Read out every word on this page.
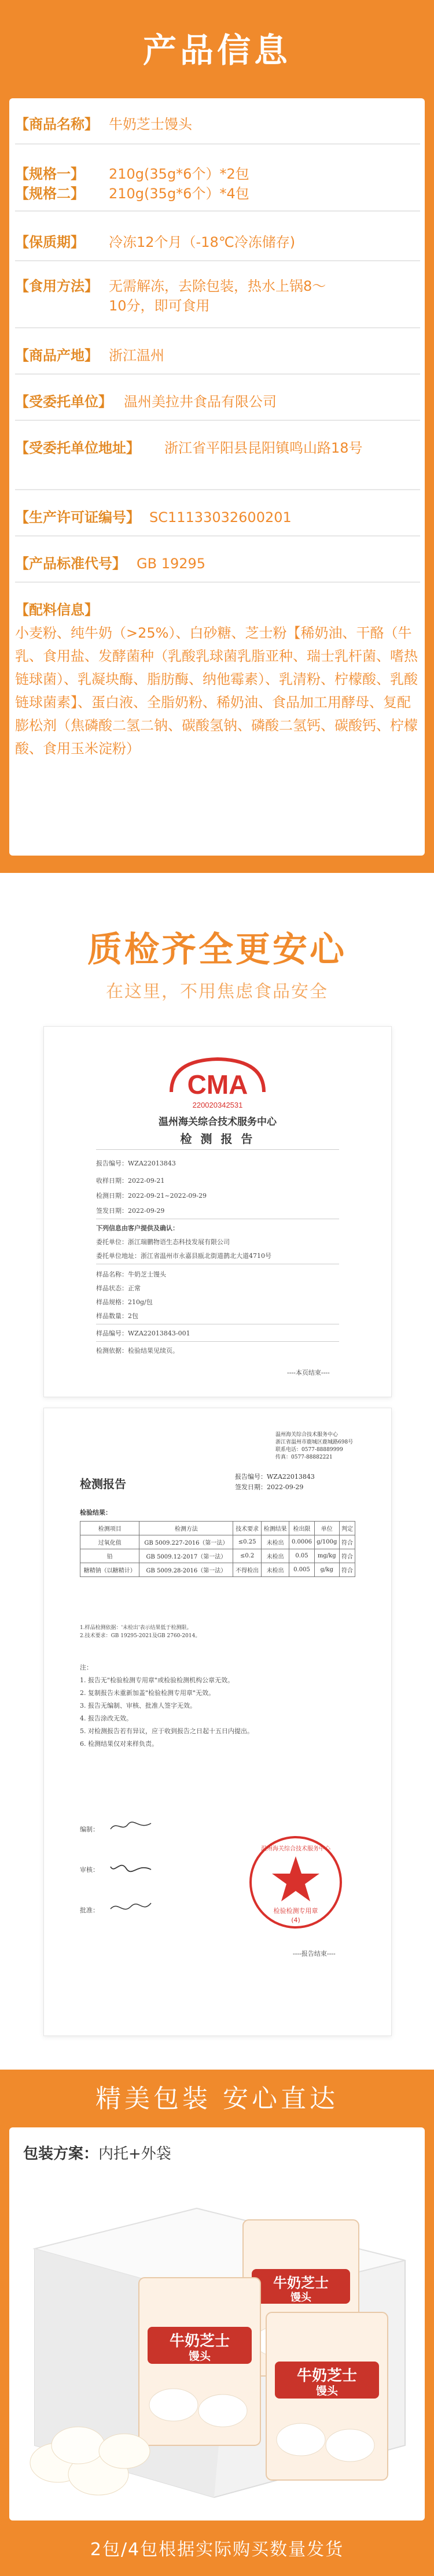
产品信息
【商品名称】 牛奶芝士馒头
【规格一】 210g(35g*6个）*2包
【规格二】 210g(35g*6个）*4包
【保质期】 冷冻12个月（-18℃冷冻储存)
【食用方法】 无需解冻，去除包装，热水上锅8～10分，即可食用
【商品产地】 浙江温州
【受委托单位】 温州美拉井食品有限公司
【受委托单位地址】 浙江省平阳县昆阳镇鸣山路18号
【生产许可证编号】 SC11133032600201
【产品标准代号】 GB 19295
【配料信息】
小麦粉、纯牛奶（>25%）、白砂糖、芝士粉【稀奶油、干酪（牛乳、食用盐、发酵菌种（乳酸乳球菌乳脂亚种、瑞士乳杆菌、嗜热链球菌）、乳凝块酶、脂肪酶、纳他霉素）、乳清粉、柠檬酸、乳酸链球菌素】、蛋白液、全脂奶粉、稀奶油、食品加工用酵母、复配膨松剂（焦磷酸二氢二钠、碳酸氢钠、磷酸二氢钙、碳酸钙、柠檬酸、食用玉米淀粉）
质检齐全更安心
在这里，不用焦虑食品安全
CMA
220020342531
温州海关综合技术服务中心
检 测 报 告
报告编号：WZA22013843
收样日期：2022-09-21
检测日期：2022-09-21~2022-09-29
签发日期：2022-09-29
下列信息由客户提供及确认：
委托单位：浙江瑞鹏物语生态科技发展有限公司
委托单位地址：浙江省温州市永嘉县瓯北街道鹊北大道4710号
样品名称：牛奶芝士馒头
样品状态：正常
样品规格：210g/包
样品数量：2包
样品编号：WZA22013843-001
检测依据：检验结果见续页。
----本页结束----
温州海关综合技术服务中心
浙江省温州市鹿城区鹿城路698号
联系电话：0577-88889999
传真：0577-88882221
检测报告
报告编号：WZA22013843
签发日期：2022-09-29
检验结果：
检测项目	检测方法	技术要求	检测结果	检出限	单位	判定
过氧化值	GB 5009.227-2016（第一法）	≤0.25	未检出	0.0006	g/100g	符合
铅	GB 5009.12-2017（第一法）	≤0.2	未检出	0.05	mg/kg	符合
糖精钠（以糖精计）	GB 5009.28-2016（第一法）	不得检出	未检出	0.005	g/kg	符合
1.样品检测依据：'未检出'表示结果低于检测限。
2.技术要求：GB 19295-2021及GB 2760-2014。
注：
1. 报告无"检验检测专用章"或检验检测机构公章无效。
2. 复制报告未重新加盖"检验检测专用章"无效。
3. 报告无编制、审核、批准人签字无效。
4. 报告涂改无效。
5. 对检测报告若有异议，应于收到报告之日起十五日内提出。
6. 检测结果仅对来样负责。
编制：
审核：
批准：
温州海关综合技术服务中心
检验检测专用章
(4)
----报告结束----
精美包装 安心直达
包装方案：内托+外袋
牛奶芝士
馒头
牛奶芝士
馒头
牛奶芝士
馒头
2包/4包根据实际购买数量发货
